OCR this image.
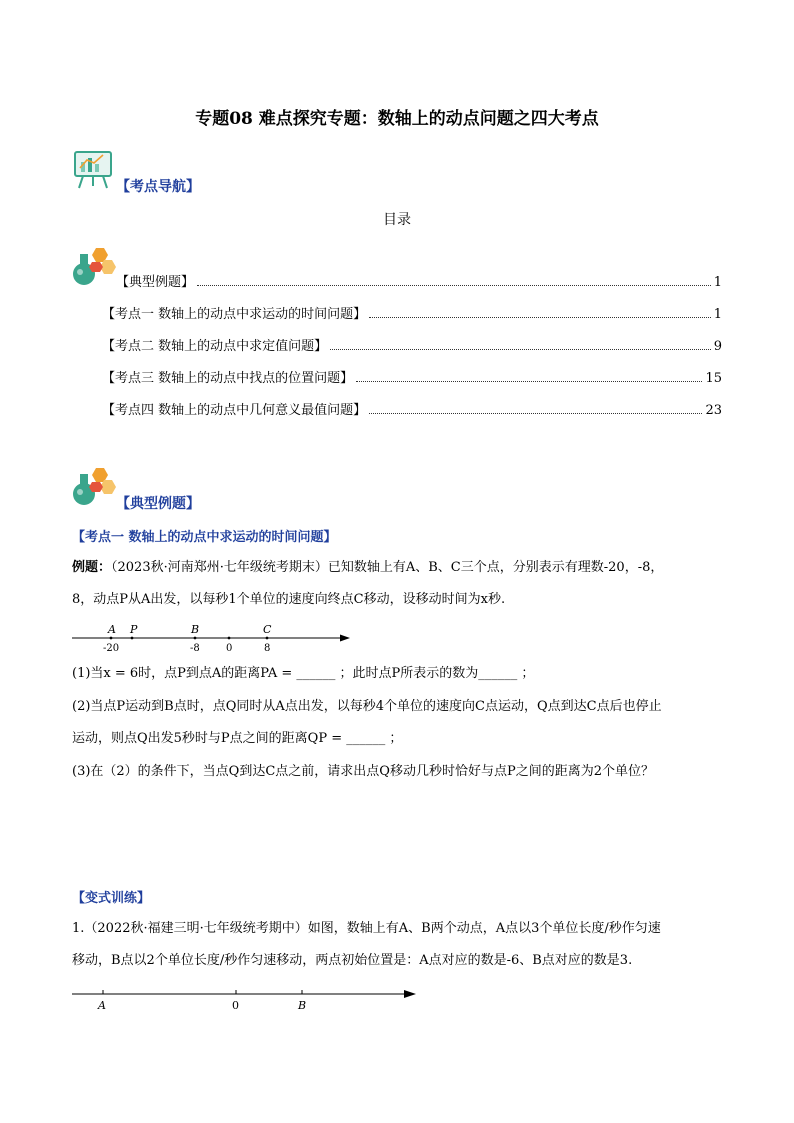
专题08 难点探究专题：数轴上的动点问题之四大考点
【考点导航】
目录
【典型例题】	1
【考点一 数轴上的动点中求运动的时间问题】	1
【考点二 数轴上的动点中求定值问题】	9
【考点三 数轴上的动点中找点的位置问题】	15
【考点四 数轴上的动点中几何意义最值问题】	23
【典型例题】
【考点一 数轴上的动点中求运动的时间问题】
例题：（2023秋·河南郑州·七年级统考期末）已知数轴上有A、B、C三个点，分别表示有理数-20，-8，
8，动点P从A出发，以每秒1个单位的速度向终点C移动，设移动时间为x秒.
A P	B	C
-20	-8	0	8
(1)当x = 6时，点P到点A的距离PA = ______ ；此时点P所表示的数为______ ；
(2)当点P运动到B点时，点Q同时从A点出发，以每秒4个单位的速度向C点运动，Q点到达C点后也停止
运动，则点Q出发5秒时与P点之间的距离QP = ______ ；
(3)在（2）的条件下，当点Q到达C点之前，请求出点Q移动几秒时恰好与点P之间的距离为2个单位？
【变式训练】
1.（2022秋·福建三明·七年级统考期中）如图，数轴上有A、B两个动点，A点以3个单位长度/秒作匀速
移动，B点以2个单位长度/秒作匀速移动，两点初始位置是：A点对应的数是-6、B点对应的数是3.
A	0	B
